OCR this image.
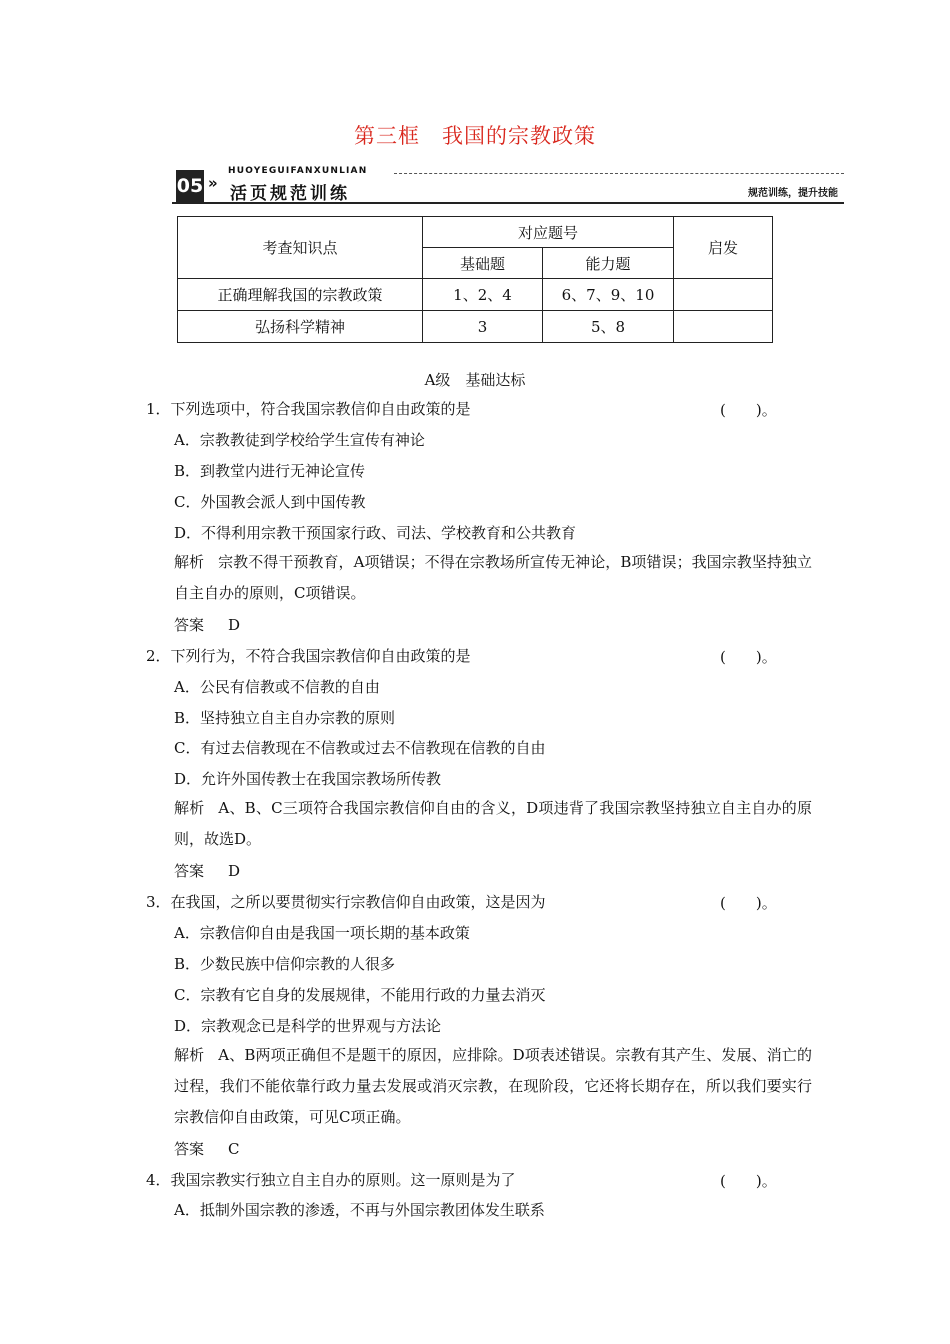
第三框　我国的宗教政策
05 »
HUOYEGUIFANXUNLIAN
活页规范训练	规范训练，提升技能
考查知识点	对应题号		启发
	基础题	能力题	
正确理解我国的宗教政策	1、2、4	6、7、9、10	
弘扬科学精神	3	5、8	
A级　基础达标
1．下列选项中，符合我国宗教信仰自由政策的是	(　　)。
A．宗教教徒到学校给学生宣传有神论
B．到教堂内进行无神论宣传
C．外国教会派人到中国传教
D．不得利用宗教干预国家行政、司法、学校教育和公共教育
解析 宗教不得干预教育，A项错误；不得在宗教场所宣传无神论，B项错误；我国宗教坚持独立自主自办的原则，C项错误。
答案 D
2．下列行为，不符合我国宗教信仰自由政策的是	(　　)。
A．公民有信教或不信教的自由
B．坚持独立自主自办宗教的原则
C．有过去信教现在不信教或过去不信教现在信教的自由
D．允许外国传教士在我国宗教场所传教
解析 A、B、C三项符合我国宗教信仰自由的含义，D项违背了我国宗教坚持独立自主自办的原则，故选D。
答案 D
3．在我国，之所以要贯彻实行宗教信仰自由政策，这是因为	(　　)。
A．宗教信仰自由是我国一项长期的基本政策
B．少数民族中信仰宗教的人很多
C．宗教有它自身的发展规律，不能用行政的力量去消灭
D．宗教观念已是科学的世界观与方法论
解析 A、B两项正确但不是题干的原因，应排除。D项表述错误。宗教有其产生、发展、消亡的过程，我们不能依靠行政力量去发展或消灭宗教，在现阶段，它还将长期存在，所以我们要实行宗教信仰自由政策，可见C项正确。
答案 C
4．我国宗教实行独立自主自办的原则。这一原则是为了	(　　)。
A．抵制外国宗教的渗透，不再与外国宗教团体发生联系
